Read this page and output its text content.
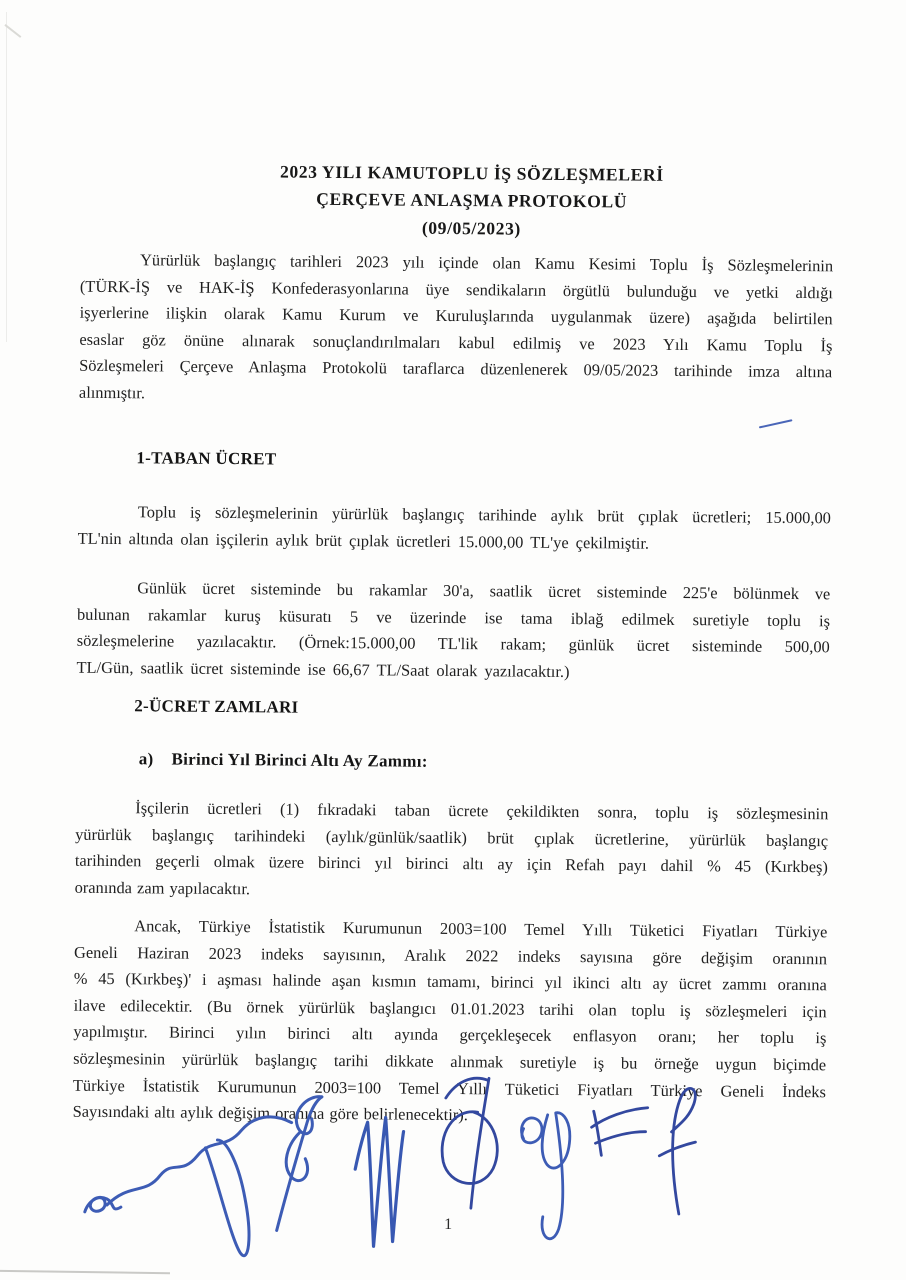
2023 YILI KAMUTOPLU İŞ SÖZLEŞMELERİ
ÇERÇEVE ANLAŞMA PROTOKOLÜ
(09/05/2023)
Yürürlük başlangıç tarihleri 2023 yılı içinde olan Kamu Kesimi Toplu İş Sözleşmelerinin
(TÜRK-İŞ ve HAK-İŞ Konfederasyonlarına üye sendikaların örgütlü bulunduğu ve yetki aldığı
işyerlerine ilişkin olarak Kamu Kurum ve Kuruluşlarında uygulanmak üzere) aşağıda belirtilen
esaslar göz önüne alınarak sonuçlandırılmaları kabul edilmiş ve 2023 Yılı Kamu Toplu İş
Sözleşmeleri Çerçeve Anlaşma Protokolü taraflarca düzenlenerek 09/05/2023 tarihinde imza altına
alınmıştır.
1-TABAN ÜCRET
Toplu iş sözleşmelerinin yürürlük başlangıç tarihinde aylık brüt çıplak ücretleri; 15.000,00
TL'nin altında olan işçilerin aylık brüt çıplak ücretleri 15.000,00 TL'ye çekilmiştir.
Günlük ücret sisteminde bu rakamlar 30'a, saatlik ücret sisteminde 225'e bölünmek ve
bulunan rakamlar kuruş küsuratı 5 ve üzerinde ise tama iblağ edilmek suretiyle toplu iş
sözleşmelerine yazılacaktır. (Örnek:15.000,00 TL'lik rakam; günlük ücret sisteminde 500,00
TL/Gün, saatlik ücret sisteminde ise 66,67 TL/Saat olarak yazılacaktır.)
2-ÜCRET ZAMLARI
a) Birinci Yıl Birinci Altı Ay Zammı:
İşçilerin ücretleri (1) fıkradaki taban ücrete çekildikten sonra, toplu iş sözleşmesinin
yürürlük başlangıç tarihindeki (aylık/günlük/saatlik) brüt çıplak ücretlerine, yürürlük başlangıç
tarihinden geçerli olmak üzere birinci yıl birinci altı ay için Refah payı dahil % 45 (Kırkbeş)
oranında zam yapılacaktır.
Ancak, Türkiye İstatistik Kurumunun 2003=100 Temel Yıllı Tüketici Fiyatları Türkiye
Geneli Haziran 2023 indeks sayısının, Aralık 2022 indeks sayısına göre değişim oranının
% 45 (Kırkbeş)' i aşması halinde aşan kısmın tamamı, birinci yıl ikinci altı ay ücret zammı oranına
ilave edilecektir. (Bu örnek yürürlük başlangıcı 01.01.2023 tarihi olan toplu iş sözleşmeleri için
yapılmıştır. Birinci yılın birinci altı ayında gerçekleşecek enflasyon oranı; her toplu iş
sözleşmesinin yürürlük başlangıç tarihi dikkate alınmak suretiyle iş bu örneğe uygun biçimde
Türkiye İstatistik Kurumunun 2003=100 Temel Yıllı Tüketici Fiyatları Türkiye Geneli İndeks
Sayısındaki altı aylık değişim oranına göre belirlenecektir).
1
